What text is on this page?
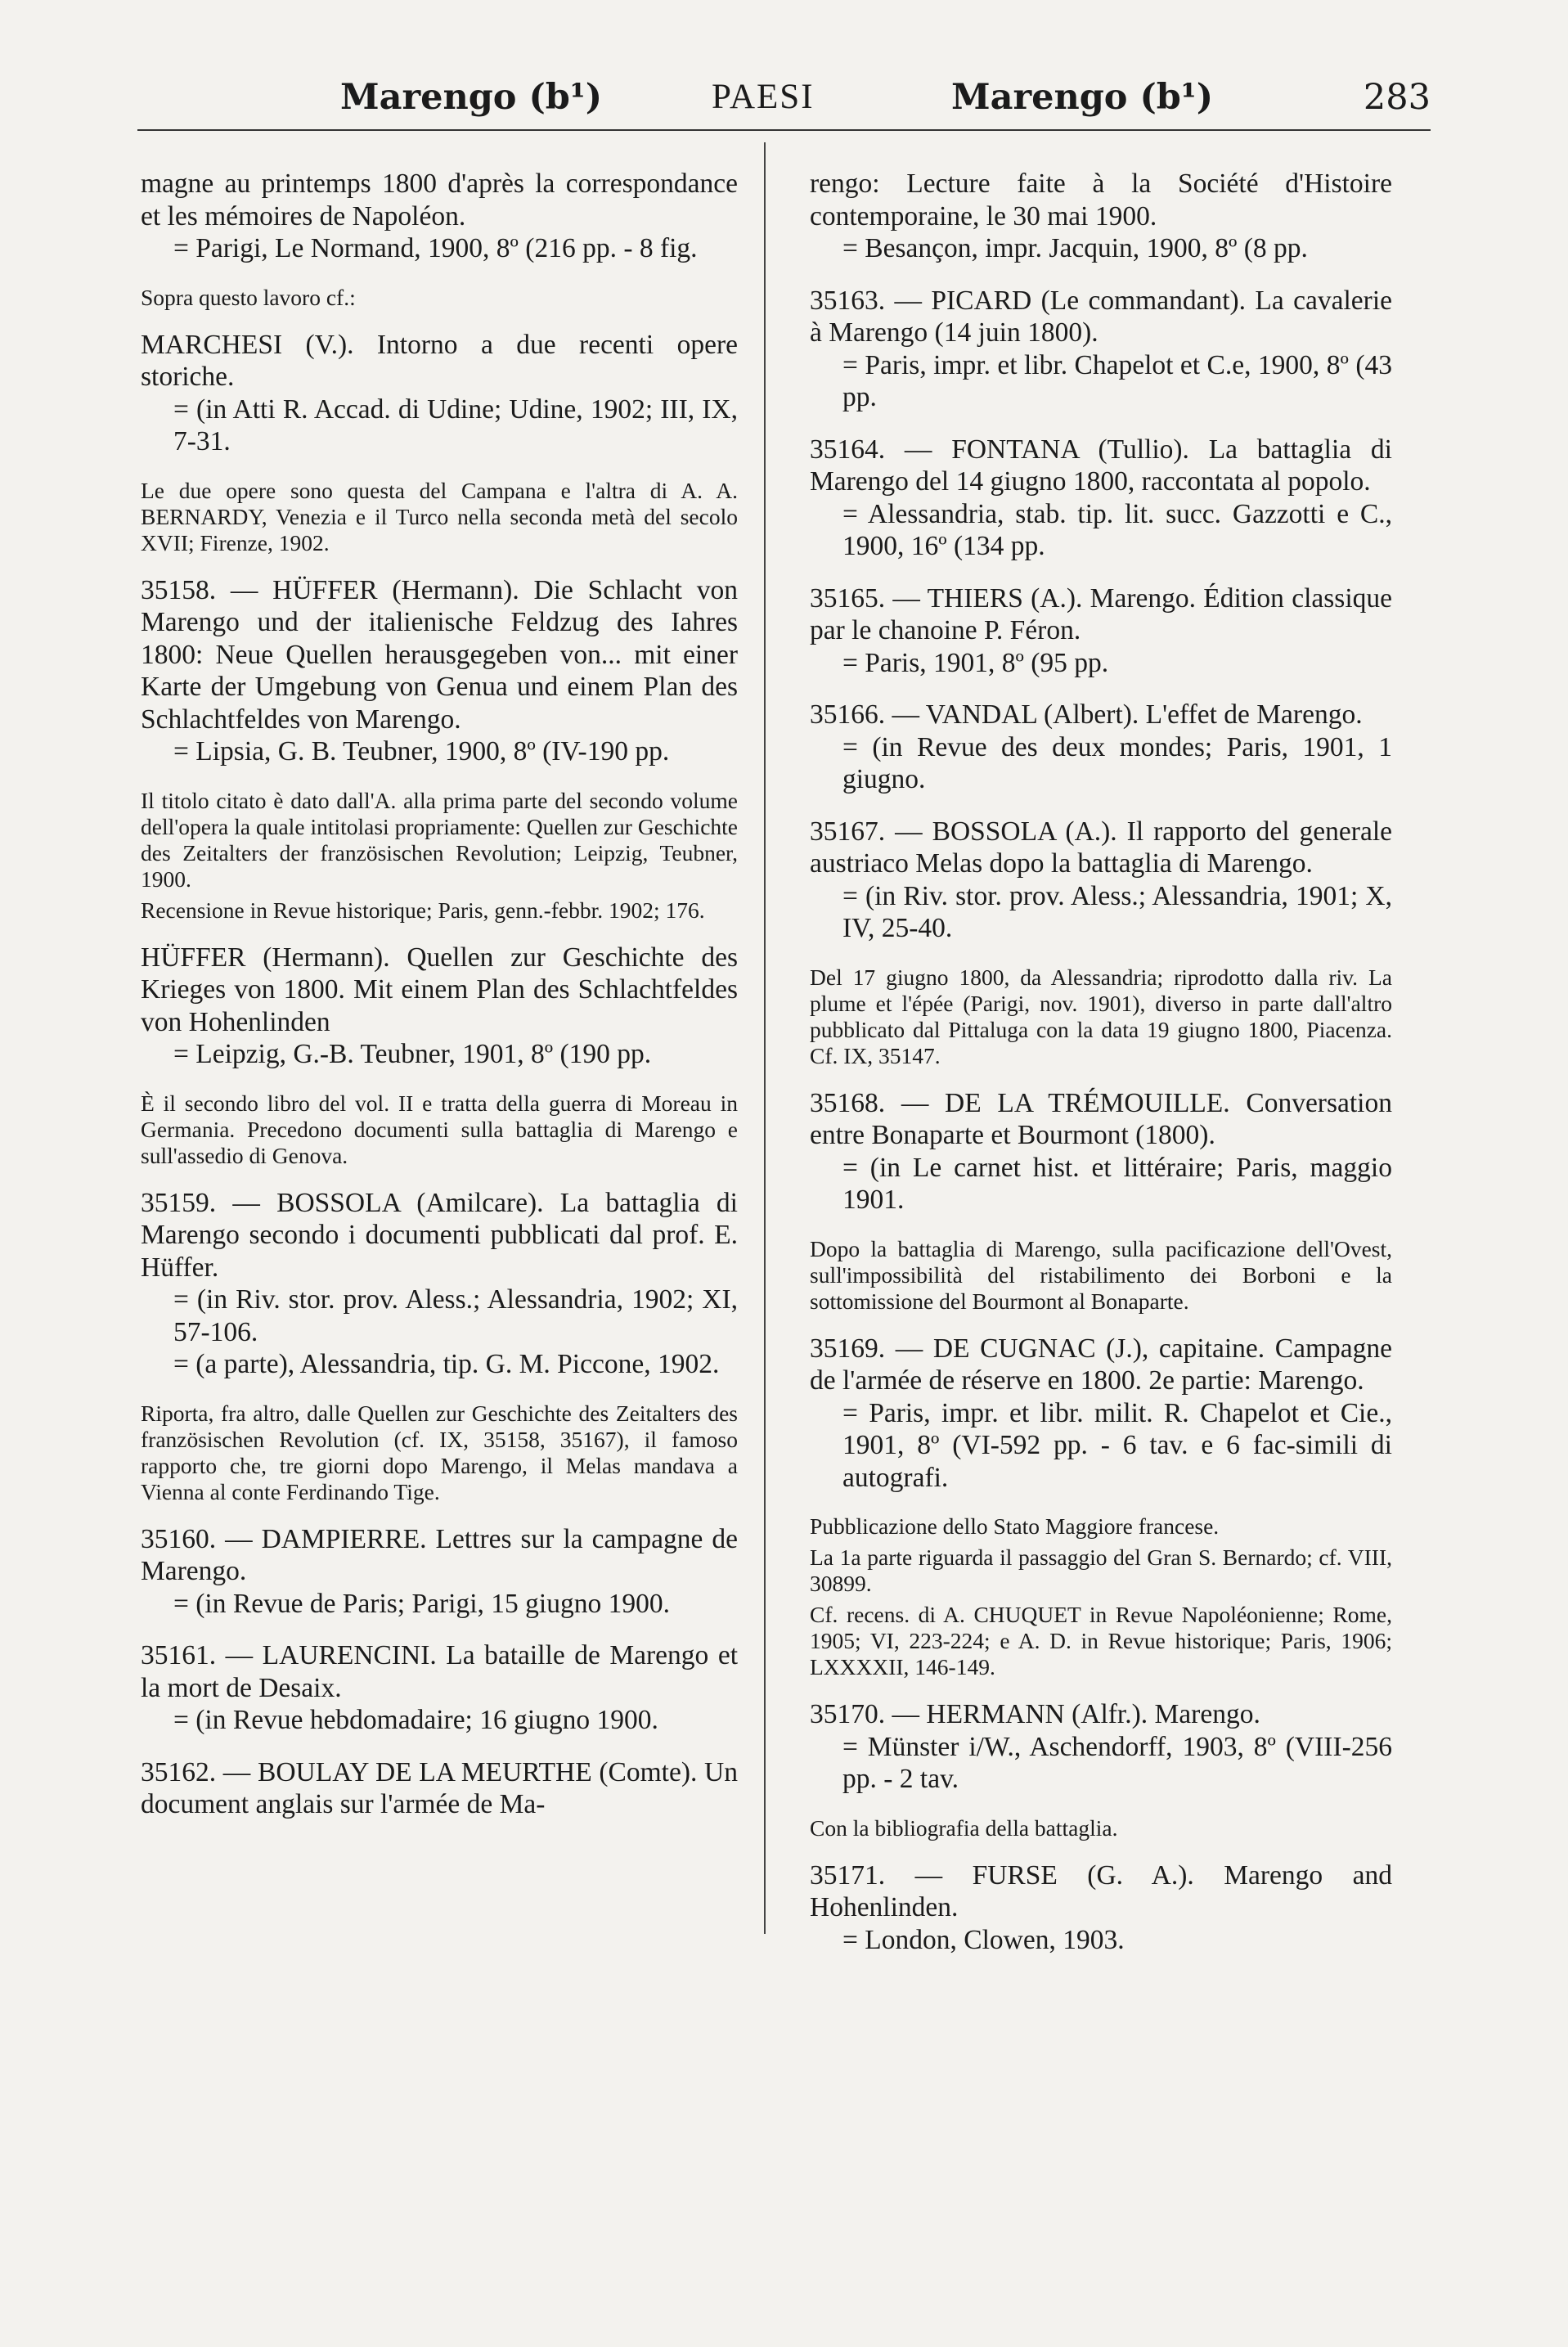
Marengo (b¹)	PAESI	Marengo (b¹)	283

magne au printemps 1800 d'après la correspondance et les mémoires de Napoléon.

= Parigi, Le Normand, 1900, 8º (216 pp. - 8 fig.

Sopra questo lavoro cf.:

MARCHESI (V.). Intorno a due recenti opere storiche.

= (in Atti R. Accad. di Udine; Udine, 1902; III, IX, 7-31.

Le due opere sono questa del Campana e l'altra di A. A. BERNARDY, Venezia e il Turco nella seconda metà del secolo XVII; Firenze, 1902.

35158. — HÜFFER (Hermann). Die Schlacht von Marengo und der italienische Feldzug des Iahres 1800: Neue Quellen herausgegeben von... mit einer Karte der Umgebung von Genua und einem Plan des Schlachtfeldes von Marengo.

= Lipsia, G. B. Teubner, 1900, 8º (IV-190 pp.

Il titolo citato è dato dall'A. alla prima parte del secondo volume dell'opera la quale intitolasi propriamente: Quellen zur Geschichte des Zeitalters der französischen Revolution; Leipzig, Teubner, 1900.

Recensione in Revue historique; Paris, genn.-febbr. 1902; 176.

HÜFFER (Hermann). Quellen zur Geschichte des Krieges von 1800. Mit einem Plan des Schlachtfeldes von Hohenlinden

= Leipzig, G.-B. Teubner, 1901, 8º (190 pp.

È il secondo libro del vol. II e tratta della guerra di Moreau in Germania. Precedono documenti sulla battaglia di Marengo e sull'assedio di Genova.

35159. — BOSSOLA (Amilcare). La battaglia di Marengo secondo i documenti pubblicati dal prof. E. Hüffer.

= (in Riv. stor. prov. Aless.; Alessandria, 1902; XI, 57-106.

= (a parte), Alessandria, tip. G. M. Piccone, 1902.

Riporta, fra altro, dalle Quellen zur Geschichte des Zeitalters des französischen Revolution (cf. IX, 35158, 35167), il famoso rapporto che, tre giorni dopo Marengo, il Melas mandava a Vienna al conte Ferdinando Tige.

35160. — DAMPIERRE. Lettres sur la campagne de Marengo.

= (in Revue de Paris; Parigi, 15 giugno 1900.

35161. — LAURENCINI. La bataille de Marengo et la mort de Desaix.

= (in Revue hebdomadaire; 16 giugno 1900.

35162. — BOULAY DE LA MEURTHE (Comte). Un document anglais sur l'armée de Ma-

rengo: Lecture faite à la Société d'Histoire contemporaine, le 30 mai 1900.

= Besançon, impr. Jacquin, 1900, 8º (8 pp.

35163. — PICARD (Le commandant). La cavalerie à Marengo (14 juin 1800).

= Paris, impr. et libr. Chapelot et C.e, 1900, 8º (43 pp.

35164. — FONTANA (Tullio). La battaglia di Marengo del 14 giugno 1800, raccontata al popolo.

= Alessandria, stab. tip. lit. succ. Gazzotti e C., 1900, 16º (134 pp.

35165. — THIERS (A.). Marengo. Édition classique par le chanoine P. Féron.

= Paris, 1901, 8º (95 pp.

35166. — VANDAL (Albert). L'effet de Marengo.

= (in Revue des deux mondes; Paris, 1901, 1 giugno.

35167. — BOSSOLA (A.). Il rapporto del generale austriaco Melas dopo la battaglia di Marengo.

= (in Riv. stor. prov. Aless.; Alessandria, 1901; X, IV, 25-40.

Del 17 giugno 1800, da Alessandria; riprodotto dalla riv. La plume et l'épée (Parigi, nov. 1901), diverso in parte dall'altro pubblicato dal Pittaluga con la data 19 giugno 1800, Piacenza. Cf. IX, 35147.

35168. — DE LA TRÉMOUILLE. Conversation entre Bonaparte et Bourmont (1800).

= (in Le carnet hist. et littéraire; Paris, maggio 1901.

Dopo la battaglia di Marengo, sulla pacificazione dell'Ovest, sull'impossibilità del ristabilimento dei Borboni e la sottomissione del Bourmont al Bonaparte.

35169. — DE CUGNAC (J.), capitaine. Campagne de l'armée de réserve en 1800. 2e partie: Marengo.

= Paris, impr. et libr. milit. R. Chapelot et Cie., 1901, 8º (VI-592 pp. - 6 tav. e 6 fac-simili di autografi.

Pubblicazione dello Stato Maggiore francese.

La 1a parte riguarda il passaggio del Gran S. Bernardo; cf. VIII, 30899.

Cf. recens. di A. CHUQUET in Revue Napoléonienne; Rome, 1905; VI, 223-224; e A. D. in Revue historique; Paris, 1906; LXXXXII, 146-149.

35170. — HERMANN (Alfr.). Marengo.

= Münster i/W., Aschendorff, 1903, 8º (VIII-256 pp. - 2 tav.

Con la bibliografia della battaglia.

35171. — FURSE (G. A.). Marengo and Hohenlinden.

= London, Clowen, 1903.
